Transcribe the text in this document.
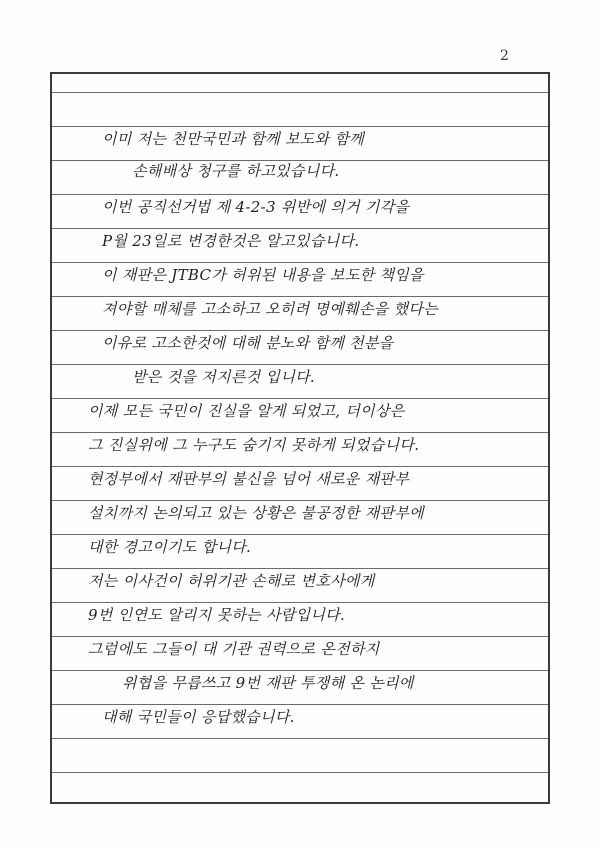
2
이미 저는 천만국민과 함께 보도와 함께
손해배상 청구를 하고있습니다.
이번 공직선거법 제 4-2-3 위반에 의거 기각을
P월 23일로 변경한것은 알고있습니다.
이 재판은 JTBC가 허위된 내용을 보도한 책임을
져야할 매체를 고소하고 오히려 명예훼손을 했다는
이유로 고소한것에 대해 분노와 함께 천분을
받은 것을 저지른것 입니다.
이제 모든 국민이 진실을 알게 되었고, 더이상은
그 진실위에 그 누구도 숨기지 못하게 되었습니다.
현정부에서 재판부의 불신을 넘어 새로운 재판부
설치까지 논의되고 있는 상황은 불공정한 재판부에
대한 경고이기도 합니다.
저는 이사건이 허위기관 손해로 변호사에게
9번 인연도 알리지 못하는 사람입니다.
그럼에도 그들이 대 기관 권력으로 온전하지
위협을 무릅쓰고 9번 재판 투쟁해 온 논리에
대해 국민들이 응답했습니다.
